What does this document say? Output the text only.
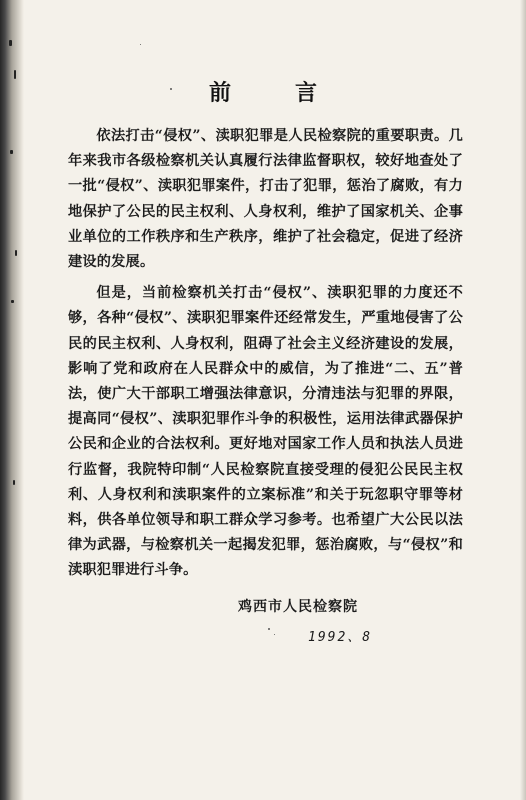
前言

依法打击“侵权”、渎职犯罪是人民检察院的重要职责。几年来我市各级检察机关认真履行法律监督职权，较好地查处了一批“侵权”、渎职犯罪案件，打击了犯罪，惩治了腐败，有力地保护了公民的民主权利、人身权利，维护了国家机关、企事业单位的工作秩序和生产秩序，维护了社会稳定，促进了经济建设的发展。

但是，当前检察机关打击“侵权”、渎职犯罪的力度还不够，各种“侵权”、渎职犯罪案件还经常发生，严重地侵害了公民的民主权利、人身权利，阻碍了社会主义经济建设的发展，影响了党和政府在人民群众中的威信，为了推进“二、五”普法，使广大干部职工增强法律意识，分清违法与犯罪的界限，提高同“侵权”、渎职犯罪作斗争的积极性，运用法律武器保护公民和企业的合法权利。更好地对国家工作人员和执法人员进行监督，我院特印制“人民检察院直接受理的侵犯公民民主权利、人身权利和渎职案件的立案标准”和关于玩忽职守罪等材料，供各单位领导和职工群众学习参考。也希望广大公民以法律为武器，与检察机关一起揭发犯罪，惩治腐败，与“侵权”和渎职犯罪进行斗争。

鸡西市人民检察院
1992、8
